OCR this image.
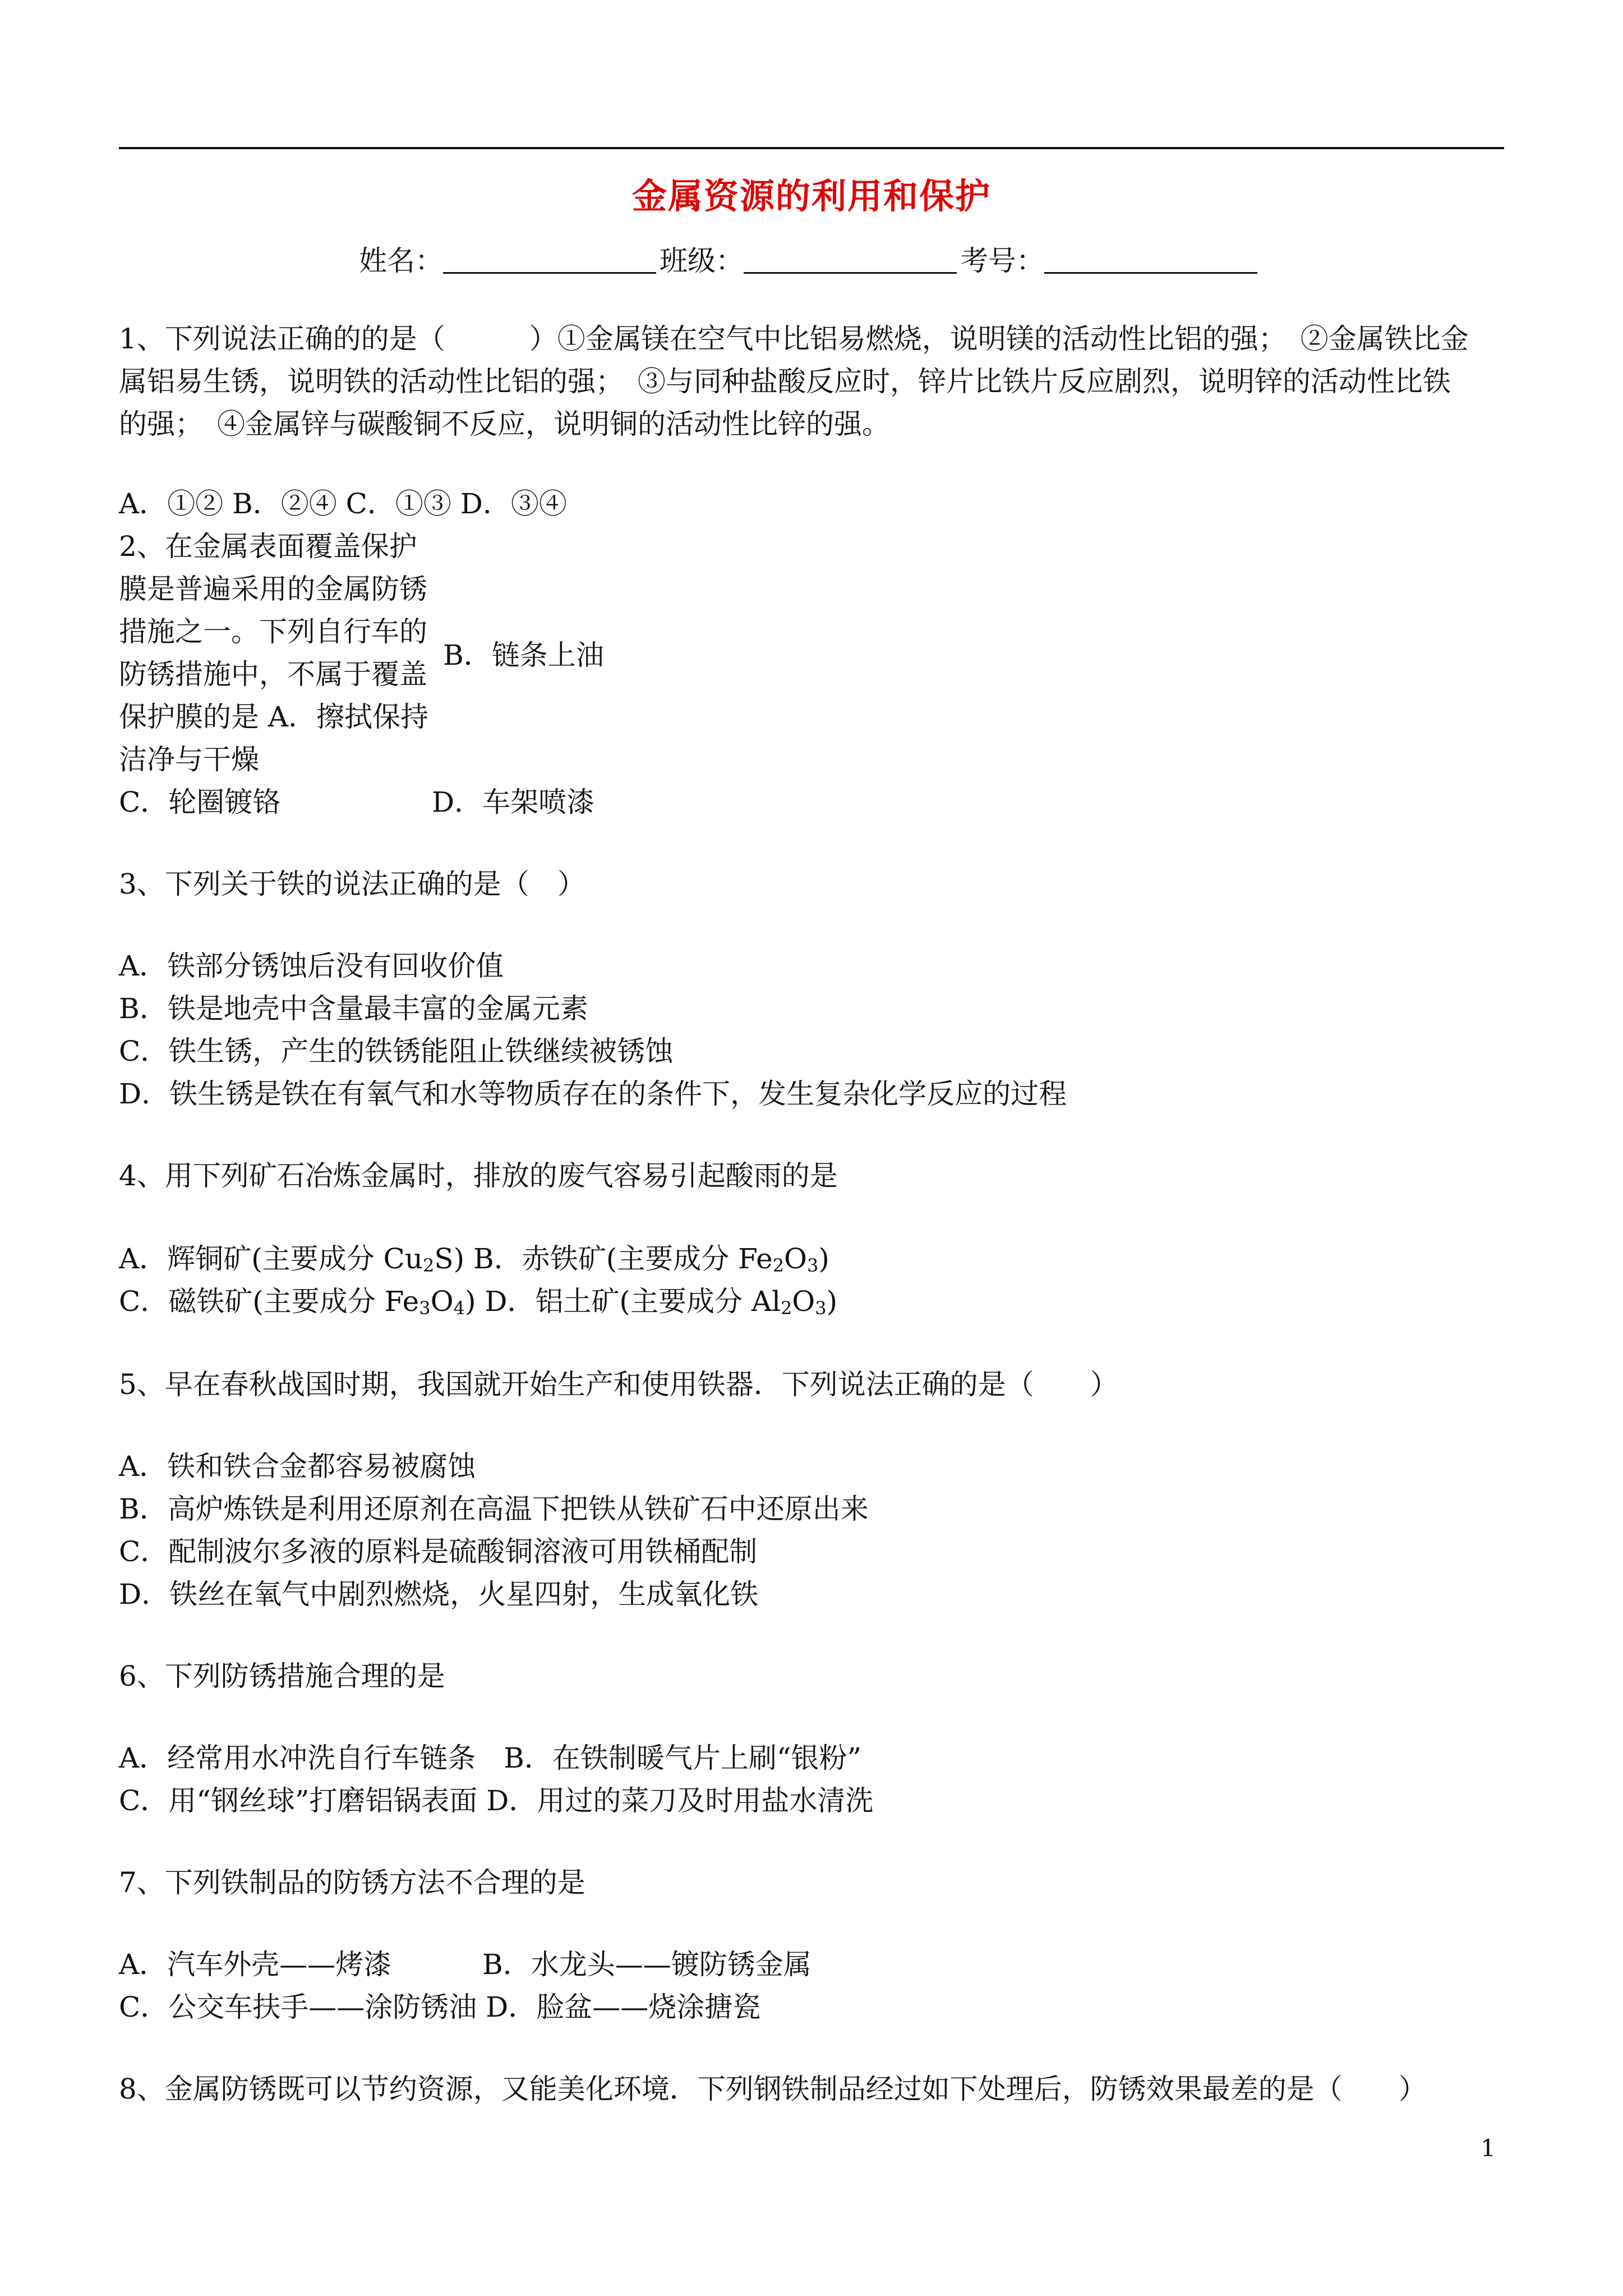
金属资源的利用和保护
姓名：	班级：	考号：
1、下列说法正确的的是（　　　）①金属镁在空气中比铝易燃烧，说明镁的活动性比铝的强；　②金属铁比金
属铝易生锈，说明铁的活动性比铝的强；　③与同种盐酸反应时，锌片比铁片反应剧烈，说明锌的活动性比铁
的强；　④金属锌与碳酸铜不反应，说明铜的活动性比锌的强。
A．①② B．②④ C．①③ D．③④
2、在金属表面覆盖保护膜是普遍采用的金属防锈措施之一。下列自行车的防锈措施中，不属于覆盖保护膜的是 A．擦拭保持洁净与干燥
B．链条上油
C．轮圈镀铬	D．车架喷漆
3、下列关于铁的说法正确的是（　）
A．铁部分锈蚀后没有回收价值
B．铁是地壳中含量最丰富的金属元素
C．铁生锈，产生的铁锈能阻止铁继续被锈蚀
D．铁生锈是铁在有氧气和水等物质存在的条件下，发生复杂化学反应的过程
4、用下列矿石冶炼金属时，排放的废气容易引起酸雨的是
A．辉铜矿(主要成分 $Cu_2S$) B．赤铁矿(主要成分 $Fe_2O_3$)
C．磁铁矿(主要成分 $Fe_3O_4$) D．铝土矿(主要成分 $Al_2O_3$)
5、早在春秋战国时期，我国就开始生产和使用铁器．下列说法正确的是（　　）
A．铁和铁合金都容易被腐蚀
B．高炉炼铁是利用还原剂在高温下把铁从铁矿石中还原出来
C．配制波尔多液的原料是硫酸铜溶液可用铁桶配制
D．铁丝在氧气中剧烈燃烧，火星四射，生成氧化铁
6、下列防锈措施合理的是
A．经常用水冲洗自行车链条　B．在铁制暖气片上刷“银粉”
C．用“钢丝球”打磨铝锅表面 D．用过的菜刀及时用盐水清洗
7、下列铁制品的防锈方法不合理的是
A．汽车外壳——烤漆	B．水龙头——镀防锈金属
C．公交车扶手——涂防锈油 D．脸盆——烧涂搪瓷
8、金属防锈既可以节约资源，又能美化环境．下列钢铁制品经过如下处理后，防锈效果最差的是（　　）
1
